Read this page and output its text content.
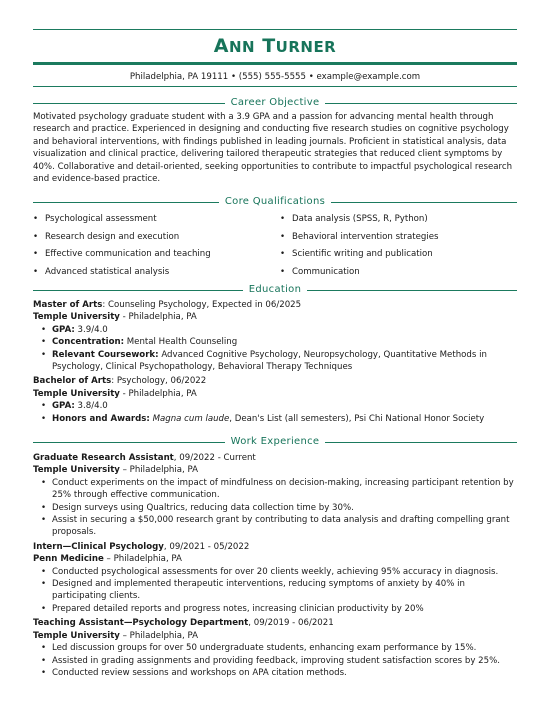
ANN TURNER
Philadelphia, PA 19111 • (555) 555-5555 • example@example.com
Career Objective
Motivated psychology graduate student with a 3.9 GPA and a passion for advancing mental health through research and practice. Experienced in designing and conducting five research studies on cognitive psychology and behavioral interventions, with findings published in leading journals. Proficient in statistical analysis, data visualization and clinical practice, delivering tailored therapeutic strategies that reduced client symptoms by 40%. Collaborative and detail-oriented, seeking opportunities to contribute to impactful psychological research and evidence-based practice.
Core Qualifications
• Psychological assessment	• Data analysis (SPSS, R, Python)
• Research design and execution	• Behavioral intervention strategies
• Effective communication and teaching	• Scientific writing and publication
• Advanced statistical analysis	• Communication
Education
Master of Arts: Counseling Psychology, Expected in 06/2025
Temple University - Philadelphia, PA
• GPA: 3.9/4.0
• Concentration: Mental Health Counseling
• Relevant Coursework: Advanced Cognitive Psychology, Neuropsychology, Quantitative Methods in Psychology, Clinical Psychopathology, Behavioral Therapy Techniques
Bachelor of Arts: Psychology, 06/2022
Temple University - Philadelphia, PA
• GPA: 3.8/4.0
• Honors and Awards: Magna cum laude, Dean's List (all semesters), Psi Chi National Honor Society
Work Experience
Graduate Research Assistant, 09/2022 - Current
Temple University – Philadelphia, PA
• Conduct experiments on the impact of mindfulness on decision-making, increasing participant retention by 25% through effective communication.
• Design surveys using Qualtrics, reducing data collection time by 30%.
• Assist in securing a $50,000 research grant by contributing to data analysis and drafting compelling grant proposals.
Intern—Clinical Psychology, 09/2021 - 05/2022
Penn Medicine – Philadelphia, PA
• Conducted psychological assessments for over 20 clients weekly, achieving 95% accuracy in diagnosis.
• Designed and implemented therapeutic interventions, reducing symptoms of anxiety by 40% in participating clients.
• Prepared detailed reports and progress notes, increasing clinician productivity by 20%
Teaching Assistant—Psychology Department, 09/2019 - 06/2021
Temple University – Philadelphia, PA
• Led discussion groups for over 50 undergraduate students, enhancing exam performance by 15%.
• Assisted in grading assignments and providing feedback, improving student satisfaction scores by 25%.
• Conducted review sessions and workshops on APA citation methods.
